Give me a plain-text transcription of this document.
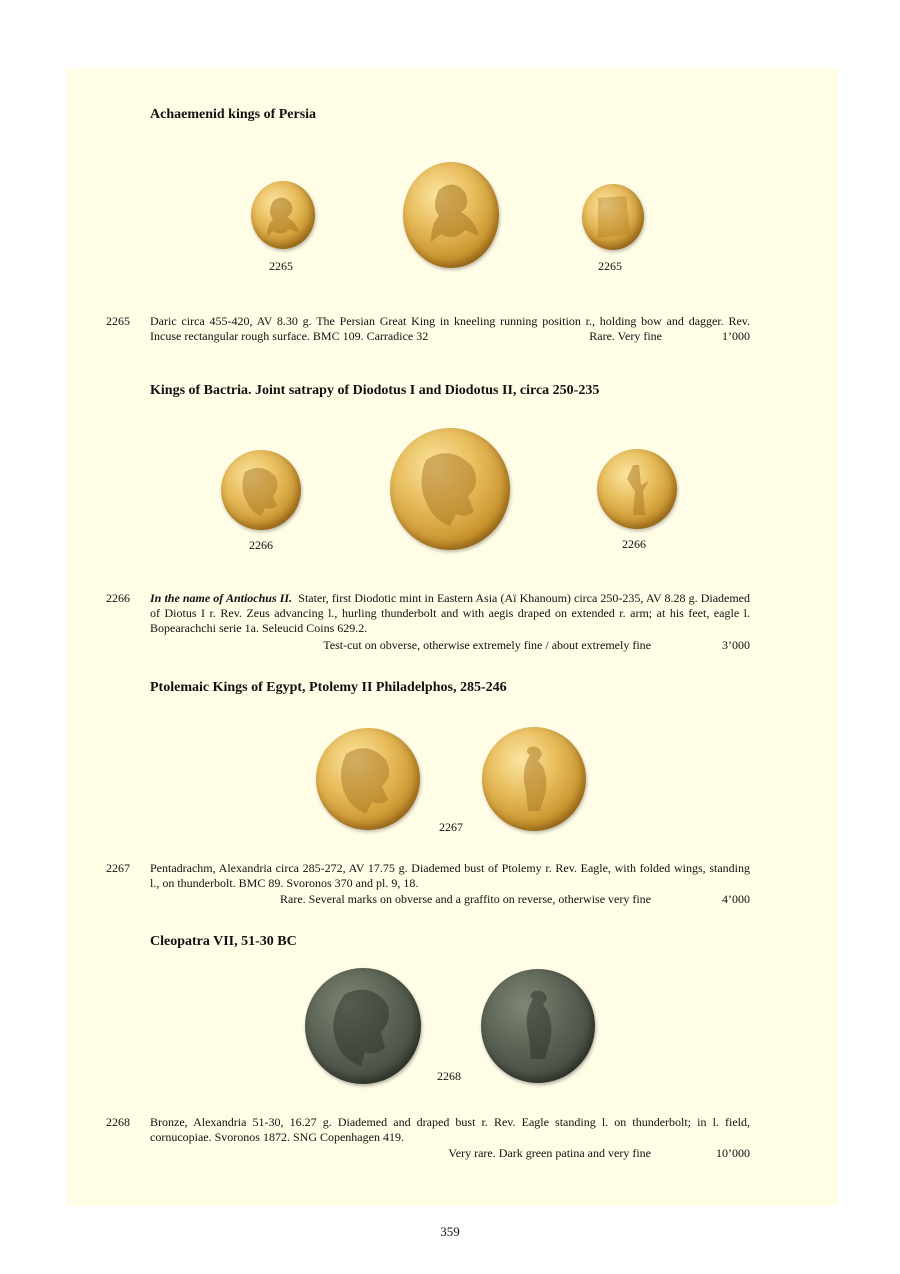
Achaemenid kings of Persia
2265	2265
2265 Daric circa 455-420, AV 8.30 g. The Persian Great King in kneeling running position r., holding bow and dagger. Rev. Incuse rectangular rough surface. BMC 109. Carradice 32	Rare. Very fine	1’000
Kings of Bactria. Joint satrapy of Diodotus I and Diodotus II, circa 250-235
2266	2266
2266 In the name of Antiochus II. Stater, first Diodotic mint in Eastern Asia (Aï Khanoum) circa 250-235, AV 8.28 g. Diademed of Diotus I r. Rev. Zeus advancing l., hurling thunderbolt and with aegis draped on extended r. arm; at his feet, eagle l. Bopearachchi serie 1a. Seleucid Coins 629.2.
Test-cut on obverse, otherwise extremely fine / about extremely fine	3’000
Ptolemaic Kings of Egypt, Ptolemy II Philadelphos, 285-246
2267
2267 Pentadrachm, Alexandria circa 285-272, AV 17.75 g. Diademed bust of Ptolemy r. Rev. Eagle, with folded wings, standing l., on thunderbolt. BMC 89. Svoronos 370 and pl. 9, 18.
Rare. Several marks on obverse and a graffito on reverse, otherwise very fine	4’000
Cleopatra VII, 51-30 BC
2268
2268 Bronze, Alexandria 51-30, 16.27 g. Diademed and draped bust r. Rev. Eagle standing l. on thunderbolt; in l. field, cornucopiae. Svoronos 1872. SNG Copenhagen 419.
Very rare. Dark green patina and very fine	10’000
359
